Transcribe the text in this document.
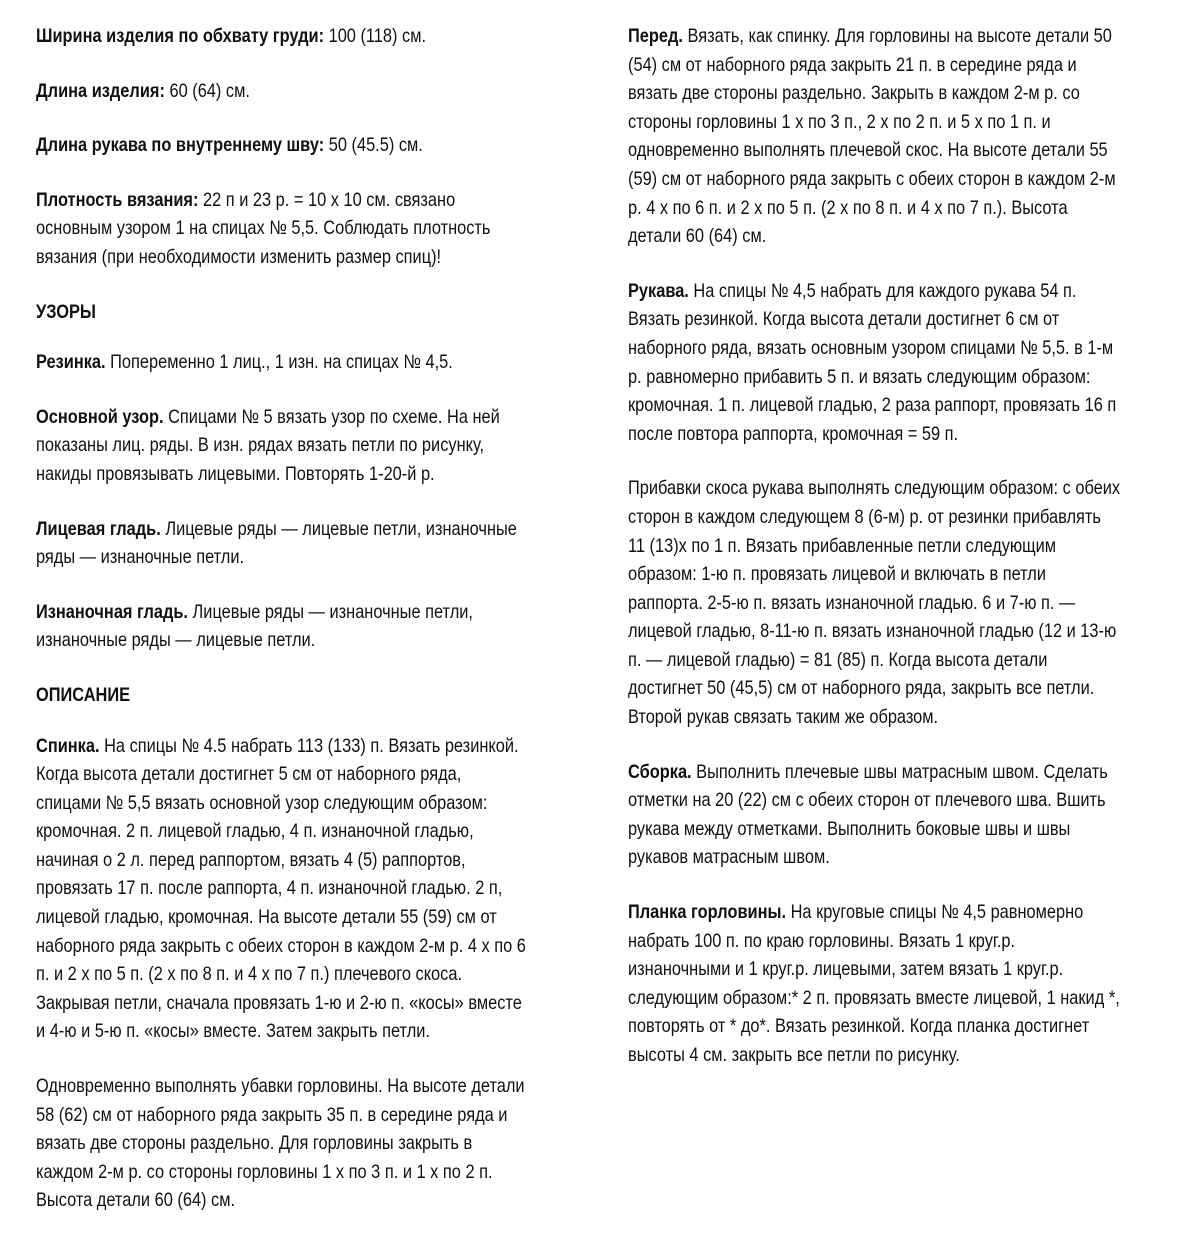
Ширина изделия по обхвату груди: 100 (118) см.

Длина изделия: 60 (64) см.

Длина рукава по внутреннему шву: 50 (45.5) см.

Плотность вязания: 22 п и 23 р. = 10 х 10 см. связано
основным узором 1 на спицах № 5,5. Соблюдать плотность
вязания (при необходимости изменить размер спиц)!

УЗОРЫ

Резинка. Попеременно 1 лиц., 1 изн. на спицах № 4,5.

Основной узор. Спицами № 5 вязать узор по схеме. На ней
показаны лиц. ряды. В изн. рядах вязать петли по рисунку,
накиды провязывать лицевыми. Повторять 1-20-й р.

Лицевая гладь. Лицевые ряды — лицевые петли, изнаночные
ряды — изнаночные петли.

Изнаночная гладь. Лицевые ряды — изнаночные петли,
изнаночные ряды — лицевые петли.

ОПИСАНИЕ

Спинка. На спицы № 4.5 набрать 113 (133) п. Вязать резинкой.
Когда высота детали достигнет 5 см от наборного ряда,
спицами № 5,5 вязать основной узор следующим образом:
кромочная. 2 п. лицевой гладью, 4 п. изнаночной гладью,
начиная о 2 л. перед раппортом, вязать 4 (5) раппортов,
провязать 17 п. после раппорта, 4 п. изнаночной гладью. 2 п,
лицевой гладью, кромочная. На высоте детали 55 (59) см от
наборного ряда закрыть с обеих сторон в каждом 2-м р. 4 х по 6
п. и 2 х по 5 п. (2 х по 8 п. и 4 х по 7 п.) плечевого скоса.
Закрывая петли, сначала провязать 1-ю и 2-ю п. «косы» вместе
и 4-ю и 5-ю п. «косы» вместе. Затем закрыть петли.

Одновременно выполнять убавки горловины. На высоте детали
58 (62) см от наборного ряда закрыть 35 п. в середине ряда и
вязать две стороны раздельно. Для горловины закрыть в
каждом 2-м р. со стороны горловины 1 х по 3 п. и 1 х по 2 п.
Высота детали 60 (64) см.

Перед. Вязать, как спинку. Для горловины на высоте детали 50
(54) см от наборного ряда закрыть 21 п. в середине ряда и
вязать две стороны раздельно. Закрыть в каждом 2-м р. со
стороны горловины 1 х по 3 п., 2 х по 2 п. и 5 х по 1 п. и
одновременно выполнять плечевой скос. На высоте детали 55
(59) см от наборного ряда закрыть с обеих сторон в каждом 2-м
р. 4 х по 6 п. и 2 х по 5 п. (2 х по 8 п. и 4 х по 7 п.). Высота
детали 60 (64) см.

Рукава. На спицы № 4,5 набрать для каждого рукава 54 п.
Вязать резинкой. Когда высота детали достигнет 6 см от
наборного ряда, вязать основным узором спицами № 5,5. в 1-м
р. равномерно прибавить 5 п. и вязать следующим образом:
кромочная. 1 п. лицевой гладью, 2 раза раппорт, провязать 16 п
после повтора раппорта, кромочная = 59 п.

Прибавки скоса рукава выполнять следующим образом: с обеих
сторон в каждом следующем 8 (6-м) р. от резинки прибавлять
11 (13)х по 1 п. Вязать прибавленные петли следующим
образом: 1-ю п. провязать лицевой и включать в петли
раппорта. 2-5-ю п. вязать изнаночной гладью. 6 и 7-ю п. —
лицевой гладью, 8-11-ю п. вязать изнаночной гладью (12 и 13-ю
п. — лицевой гладью) = 81 (85) п. Когда высота детали
достигнет 50 (45,5) см от наборного ряда, закрыть все петли.
Второй рукав связать таким же образом.

Сборка. Выполнить плечевые швы матрасным швом. Сделать
отметки на 20 (22) см с обеих сторон от плечевого шва. Вшить
рукава между отметками. Выполнить боковые швы и швы
рукавов матрасным швом.

Планка горловины. На круговые спицы № 4,5 равномерно
набрать 100 п. по краю горловины. Вязать 1 круг.р.
изнаночными и 1 круг.р. лицевыми, затем вязать 1 круг.р.
следующим образом:* 2 п. провязать вместе лицевой, 1 накид *,
повторять от * до*. Вязать резинкой. Когда планка достигнет
высоты 4 см. закрыть все петли по рисунку.
